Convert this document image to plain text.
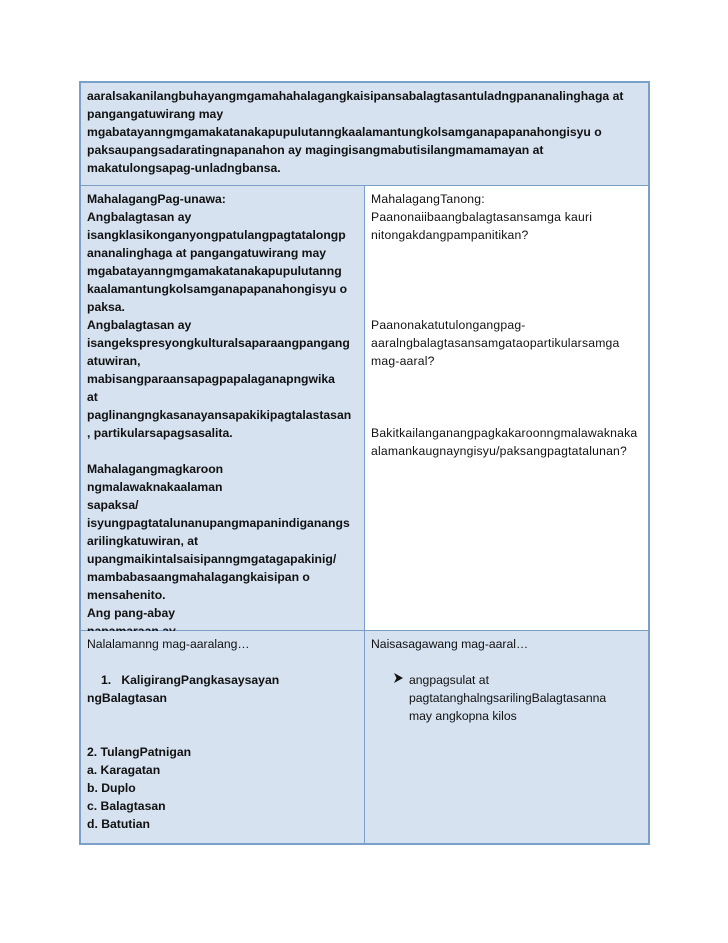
aaralsakanilangbuhayangmgamahahalagangkaisipansabalagtasantuladngpananalinghaga at
pangangatuwirang may
mgabatayanngmgamakatanakapupulutanngkaalamantungkolsamganapapanahongisyu o
paksaupangsadaratingnapanahon ay magingisangmabutisilangmamamayan at
makatulongsapag-unladngbansa.
MahalagangPag-unawa:
Angbalagtasan ay
isangklasikonganyongpatulangpagtatalongp
ananalinghaga at pangangatuwirang may
mgabatayanngmgamakatanakapupulutanng
kaalamantungkolsamganapapanahongisyu o
paksa.
Angbalagtasan ay
isangekspresyongkulturalsaparaangpangang
atuwiran,
mabisangparaansapagpapalaganapngwika
at
paglinangngkasanayansapakikipagtalastasan
, partikularsapagsasalita.
Mahalagangmagkaroon
ngmalawaknakaalaman
sapaksa/
isyungpagtatalunanupangmapanindiganangs
arilingkatuwiran, at
upangmaikintalsaisipanngmgatagapakinig/
mambabasaangmahalagangkaisipan o
mensahenito.
Ang pang-abay
MahalagangTanong:
Paanonaiibaangbalagtasansamga kauri
nitongakdangpampanitikan?
Paanonakatutulongangpag-
aaralngbalagtasansamgataopartikularsamga
mag-aaral?
Bakitkailanganangpagkakaroonngmalawaknaka
alamankaugnayngisyu/paksangpagtatalunan?
Nalalamanng mag-aaralang…
1. KaligirangPangkasaysayan
ngBalagtasan
2. TulangPatnigan
a. Karagatan
b. Duplo
c. Balagtasan
d. Batutian
Naisasagawang mag-aaral…
angpagsulat at
pagtatanghalngsarilingBalagtasanna
may angkopna kilos
